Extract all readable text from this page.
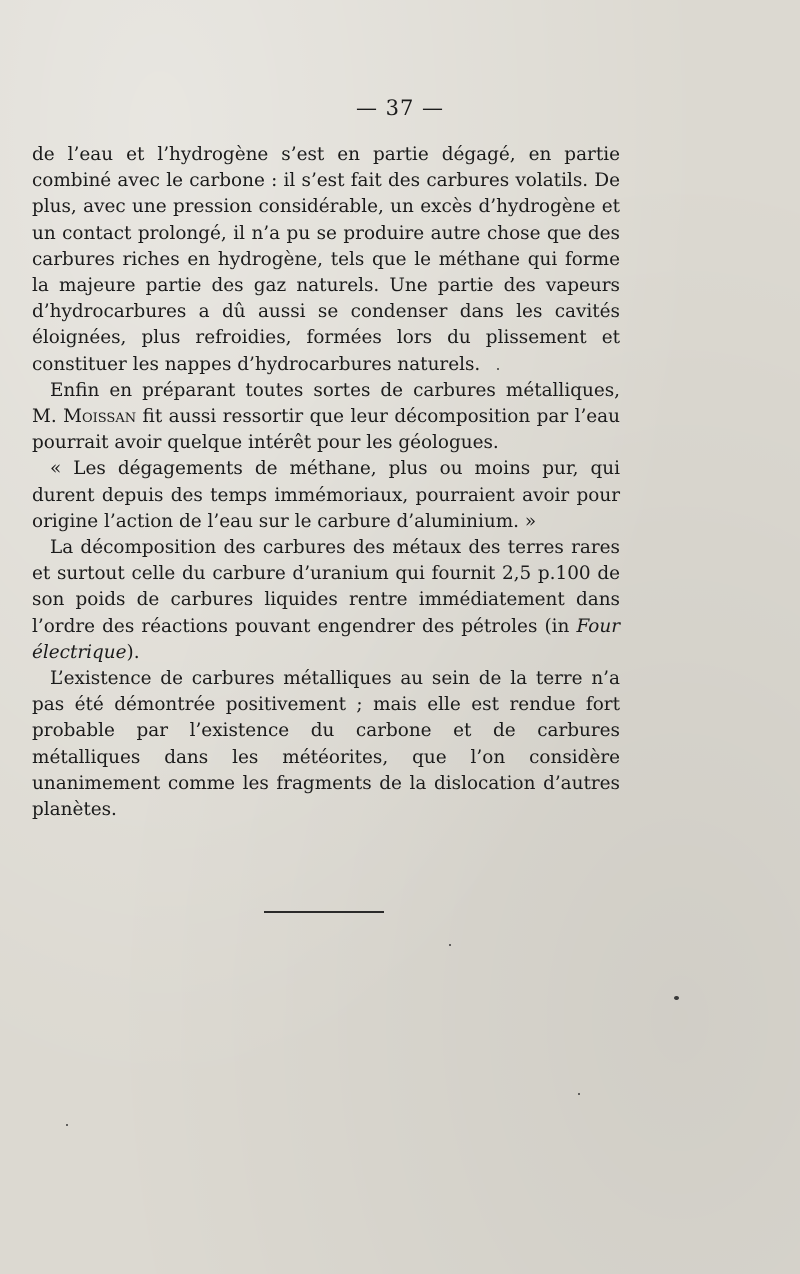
— 37 —

de l’eau et l’hydrogène s’est en partie dégagé, en partie combiné avec le carbone : il s’est fait des carbures volatils. De plus, avec une pression considérable, un excès d’hydrogène et un contact prolongé, il n’a pu se produire autre chose que des carbures riches en hydrogène, tels que le méthane qui forme la majeure partie des gaz naturels. Une partie des vapeurs d’hydrocarbures a dû aussi se condenser dans les cavités éloignées, plus refroidies, formées lors du plissement et constituer les nappes d’hydrocarbures naturels.

Enfin en préparant toutes sortes de carbures métalliques, M. Moissan fit aussi ressortir que leur décomposition par l’eau pourrait avoir quelque intérêt pour les géologues.

« Les dégagements de méthane, plus ou moins pur, qui durent depuis des temps immémoriaux, pourraient avoir pour origine l’action de l’eau sur le carbure d’aluminium. »

La décomposition des carbures des métaux des terres rares et surtout celle du carbure d’uranium qui fournit 2,5 p.100 de son poids de carbures liquides rentre immédiatement dans l’ordre des réactions pouvant engendrer des pétroles (in Four électrique).

L’existence de carbures métalliques au sein de la terre n’a pas été démontrée positivement ; mais elle est rendue fort probable par l’existence du carbone et de carbures métalliques dans les météorites, que l’on considère unanimement comme les fragments de la dislocation d’autres planètes.
